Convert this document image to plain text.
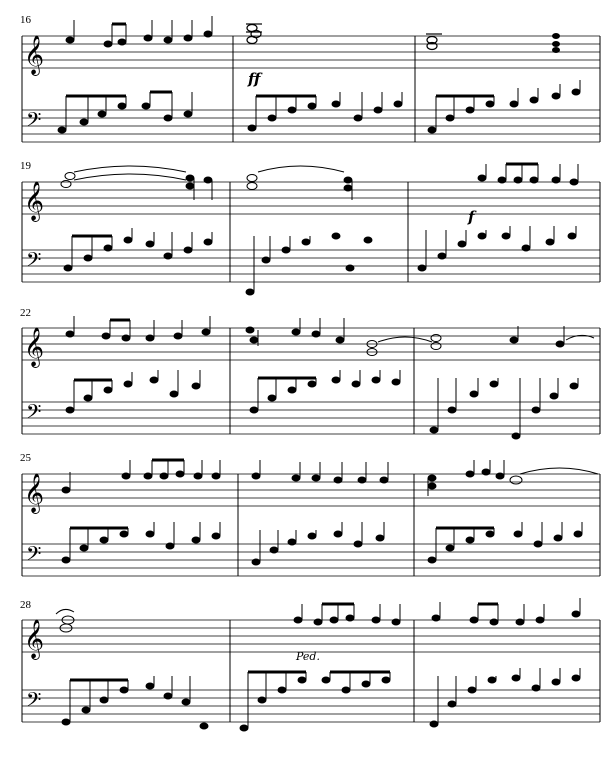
16
𝄞
𝄢
ff
19
𝄞
𝄢
f
22
𝄞
𝄢
25
𝄞
𝄢
28
𝄞
𝄢
Ped.
